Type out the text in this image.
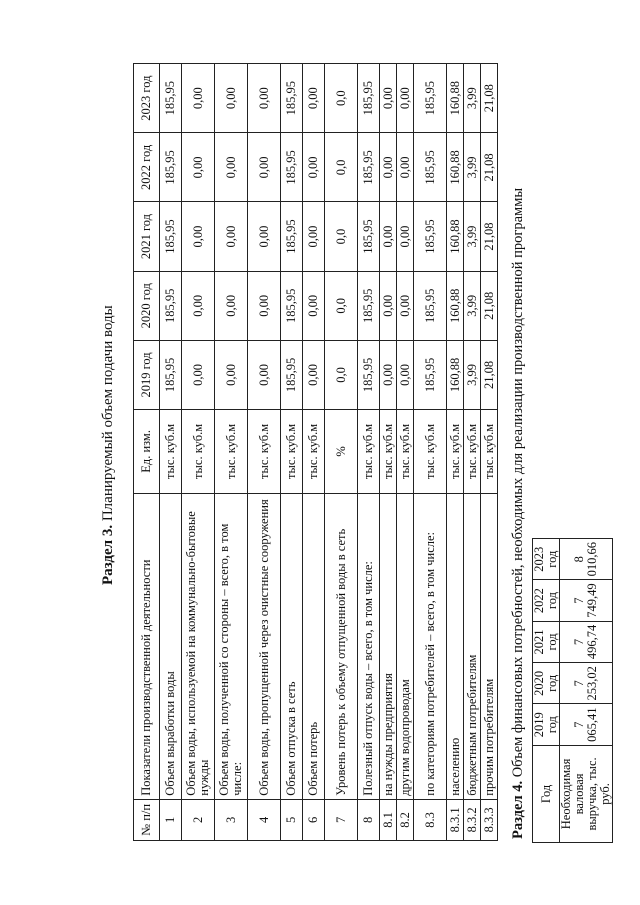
Раздел 3. Планируемый объем подачи воды
№ п/п	Показатели производственной деятельности	Ед. изм.	2019 год	2020 год	2021 год	2022 год	2023 год
1	Объем выработки воды	тыс. куб.м	185,95	185,95	185,95	185,95	185,95
2	Объем воды, используемой на коммунально-бытовые нужды	тыс. куб.м	0,00	0,00	0,00	0,00	0,00
3	Объем воды, полученной со стороны – всего, в том числе:	тыс. куб.м	0,00	0,00	0,00	0,00	0,00
4	Объем воды, пропущенной через очистные сооружения	тыс. куб.м	0,00	0,00	0,00	0,00	0,00
5	Объем отпуска в сеть	тыс. куб.м	185,95	185,95	185,95	185,95	185,95
6	Объем потерь	тыс. куб.м	0,00	0,00	0,00	0,00	0,00
7	Уровень потерь к объему отпущенной воды в сеть	%	0,0	0,0	0,0	0,0	0,0
8	Полезный отпуск воды – всего, в том числе:	тыс. куб.м	185,95	185,95	185,95	185,95	185,95
8.1	на нужды предприятия	тыс. куб.м	0,00	0,00	0,00	0,00	0,00
8.2	другим водопроводам	тыс. куб.м	0,00	0,00	0,00	0,00	0,00
8.3	по категориям потребителей – всего, в том числе:	тыс. куб.м	185,95	185,95	185,95	185,95	185,95
8.3.1	населению	тыс. куб.м	160,88	160,88	160,88	160,88	160,88
8.3.2	бюджетным потребителям	тыс. куб.м	3,99	3,99	3,99	3,99	3,99
8.3.3	прочим потребителям	тыс. куб.м	21,08	21,08	21,08	21,08	21,08
Раздел 4. Объем финансовых потребностей, необходимых для реализации производственной программы
Год	2019 год	2020 год	2021 год	2022 год	2023 год
Необходимая валовая выручка, тыс. руб.	7 065,41	7 253,02	7 496,74	7 749,49	8 010,66
